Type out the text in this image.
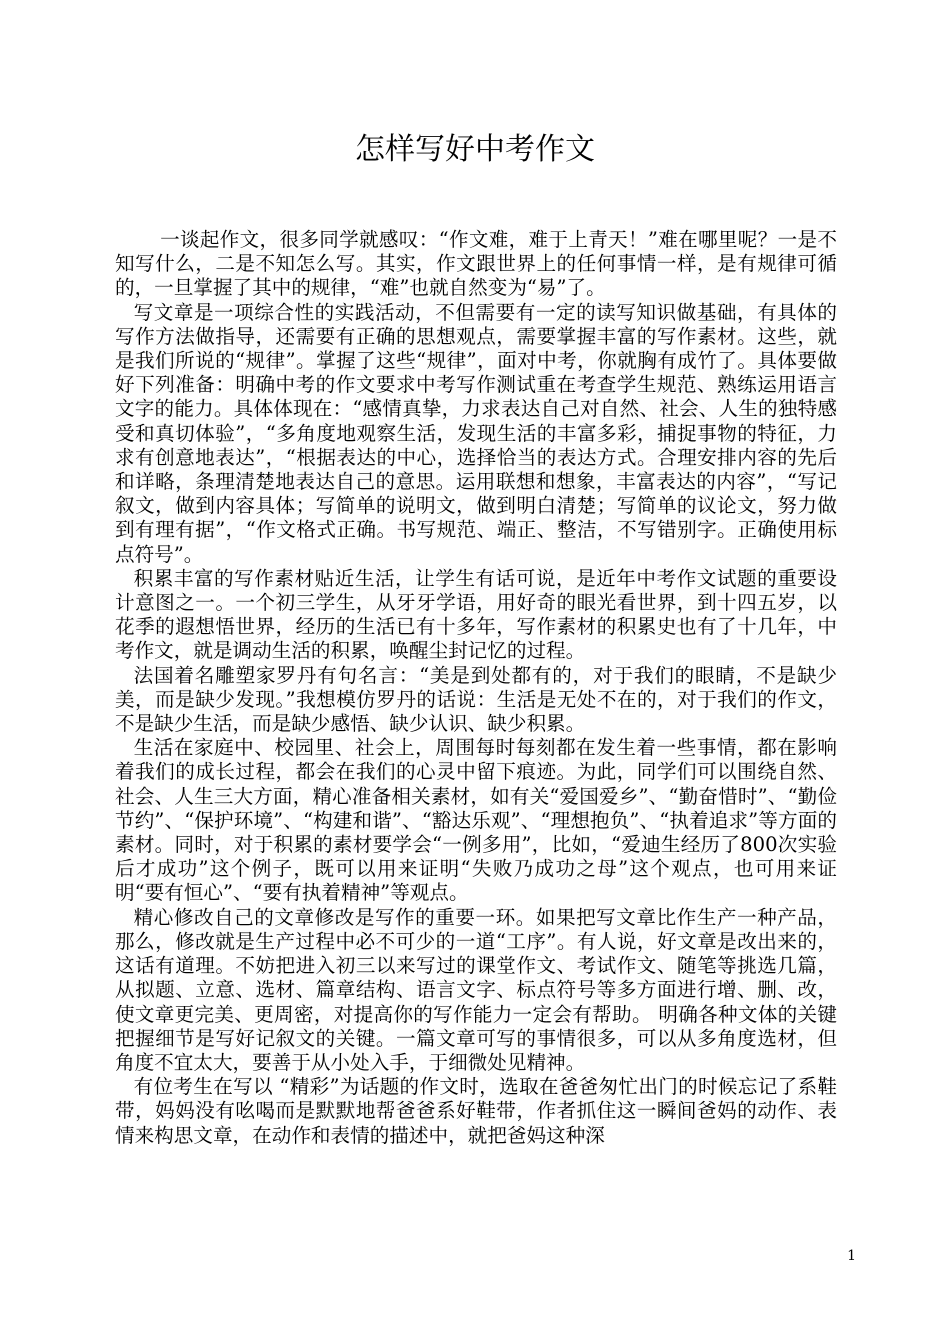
怎样写好中考作文

一谈起作文，很多同学就感叹：“作文难，难于上青天！”难在哪里呢？一是不知写什么，二是不知怎么写。其实，作文跟世界上的任何事情一样，是有规律可循的，一旦掌握了其中的规律，“难”也就自然变为“易”了。

写文章是一项综合性的实践活动，不但需要有一定的读写知识做基础，有具体的写作方法做指导，还需要有正确的思想观点，需要掌握丰富的写作素材。这些，就是我们所说的“规律”。掌握了这些“规律”，面对中考，你就胸有成竹了。具体要做好下列准备：明确中考的作文要求中考写作测试重在考查学生规范、熟练运用语言文字的能力。具体体现在：“感情真挚，力求表达自己对自然、社会、人生的独特感受和真切体验”，“多角度地观察生活，发现生活的丰富多彩，捕捉事物的特征，力求有创意地表达”，“根据表达的中心，选择恰当的表达方式。合理安排内容的先后和详略，条理清楚地表达自己的意思。运用联想和想象，丰富表达的内容”，“写记叙文，做到内容具体；写简单的说明文，做到明白清楚；写简单的议论文，努力做到有理有据”，“作文格式正确。书写规范、端正、整洁，不写错别字。正确使用标点符号”。

积累丰富的写作素材贴近生活，让学生有话可说，是近年中考作文试题的重要设计意图之一。一个初三学生，从牙牙学语，用好奇的眼光看世界，到十四五岁，以花季的遐想悟世界，经历的生活已有十多年，写作素材的积累史也有了十几年，中考作文，就是调动生活的积累，唤醒尘封记忆的过程。

法国着名雕塑家罗丹有句名言：“美是到处都有的，对于我们的眼睛，不是缺少美，而是缺少发现。”我想模仿罗丹的话说：生活是无处不在的，对于我们的作文，不是缺少生活，而是缺少感悟、缺少认识、缺少积累。

生活在家庭中、校园里、社会上，周围每时每刻都在发生着一些事情，都在影响着我们的成长过程，都会在我们的心灵中留下痕迹。为此，同学们可以围绕自然、社会、人生三大方面，精心准备相关素材，如有关“爱国爱乡”、“勤奋惜时”、“勤俭节约”、“保护环境”、“构建和谐”、“豁达乐观”、“理想抱负”、“执着追求”等方面的素材。同时，对于积累的素材要学会“一例多用”，比如，“爱迪生经历了800次实验后才成功”这个例子，既可以用来证明“失败乃成功之母”这个观点，也可用来证明“要有恒心”、“要有执着精神”等观点。

精心修改自己的文章修改是写作的重要一环。如果把写文章比作生产一种产品，那么，修改就是生产过程中必不可少的一道“工序”。有人说，好文章是改出来的，这话有道理。不妨把进入初三以来写过的课堂作文、考试作文、随笔等挑选几篇，从拟题、立意、选材、篇章结构、语言文字、标点符号等多方面进行增、删、改，使文章更完美、更周密，对提高你的写作能力一定会有帮助。 明确各种文体的关键把握细节是写好记叙文的关键。一篇文章可写的事情很多，可以从多角度选材，但角度不宜太大，要善于从小处入手，于细微处见精神。

有位考生在写以 “精彩”为话题的作文时，选取在爸爸匆忙出门的时候忘记了系鞋带，妈妈没有吆喝而是默默地帮爸爸系好鞋带，作者抓住这一瞬间爸妈的动作、表情来构思文章，在动作和表情的描述中，就把爸妈这种深

1
